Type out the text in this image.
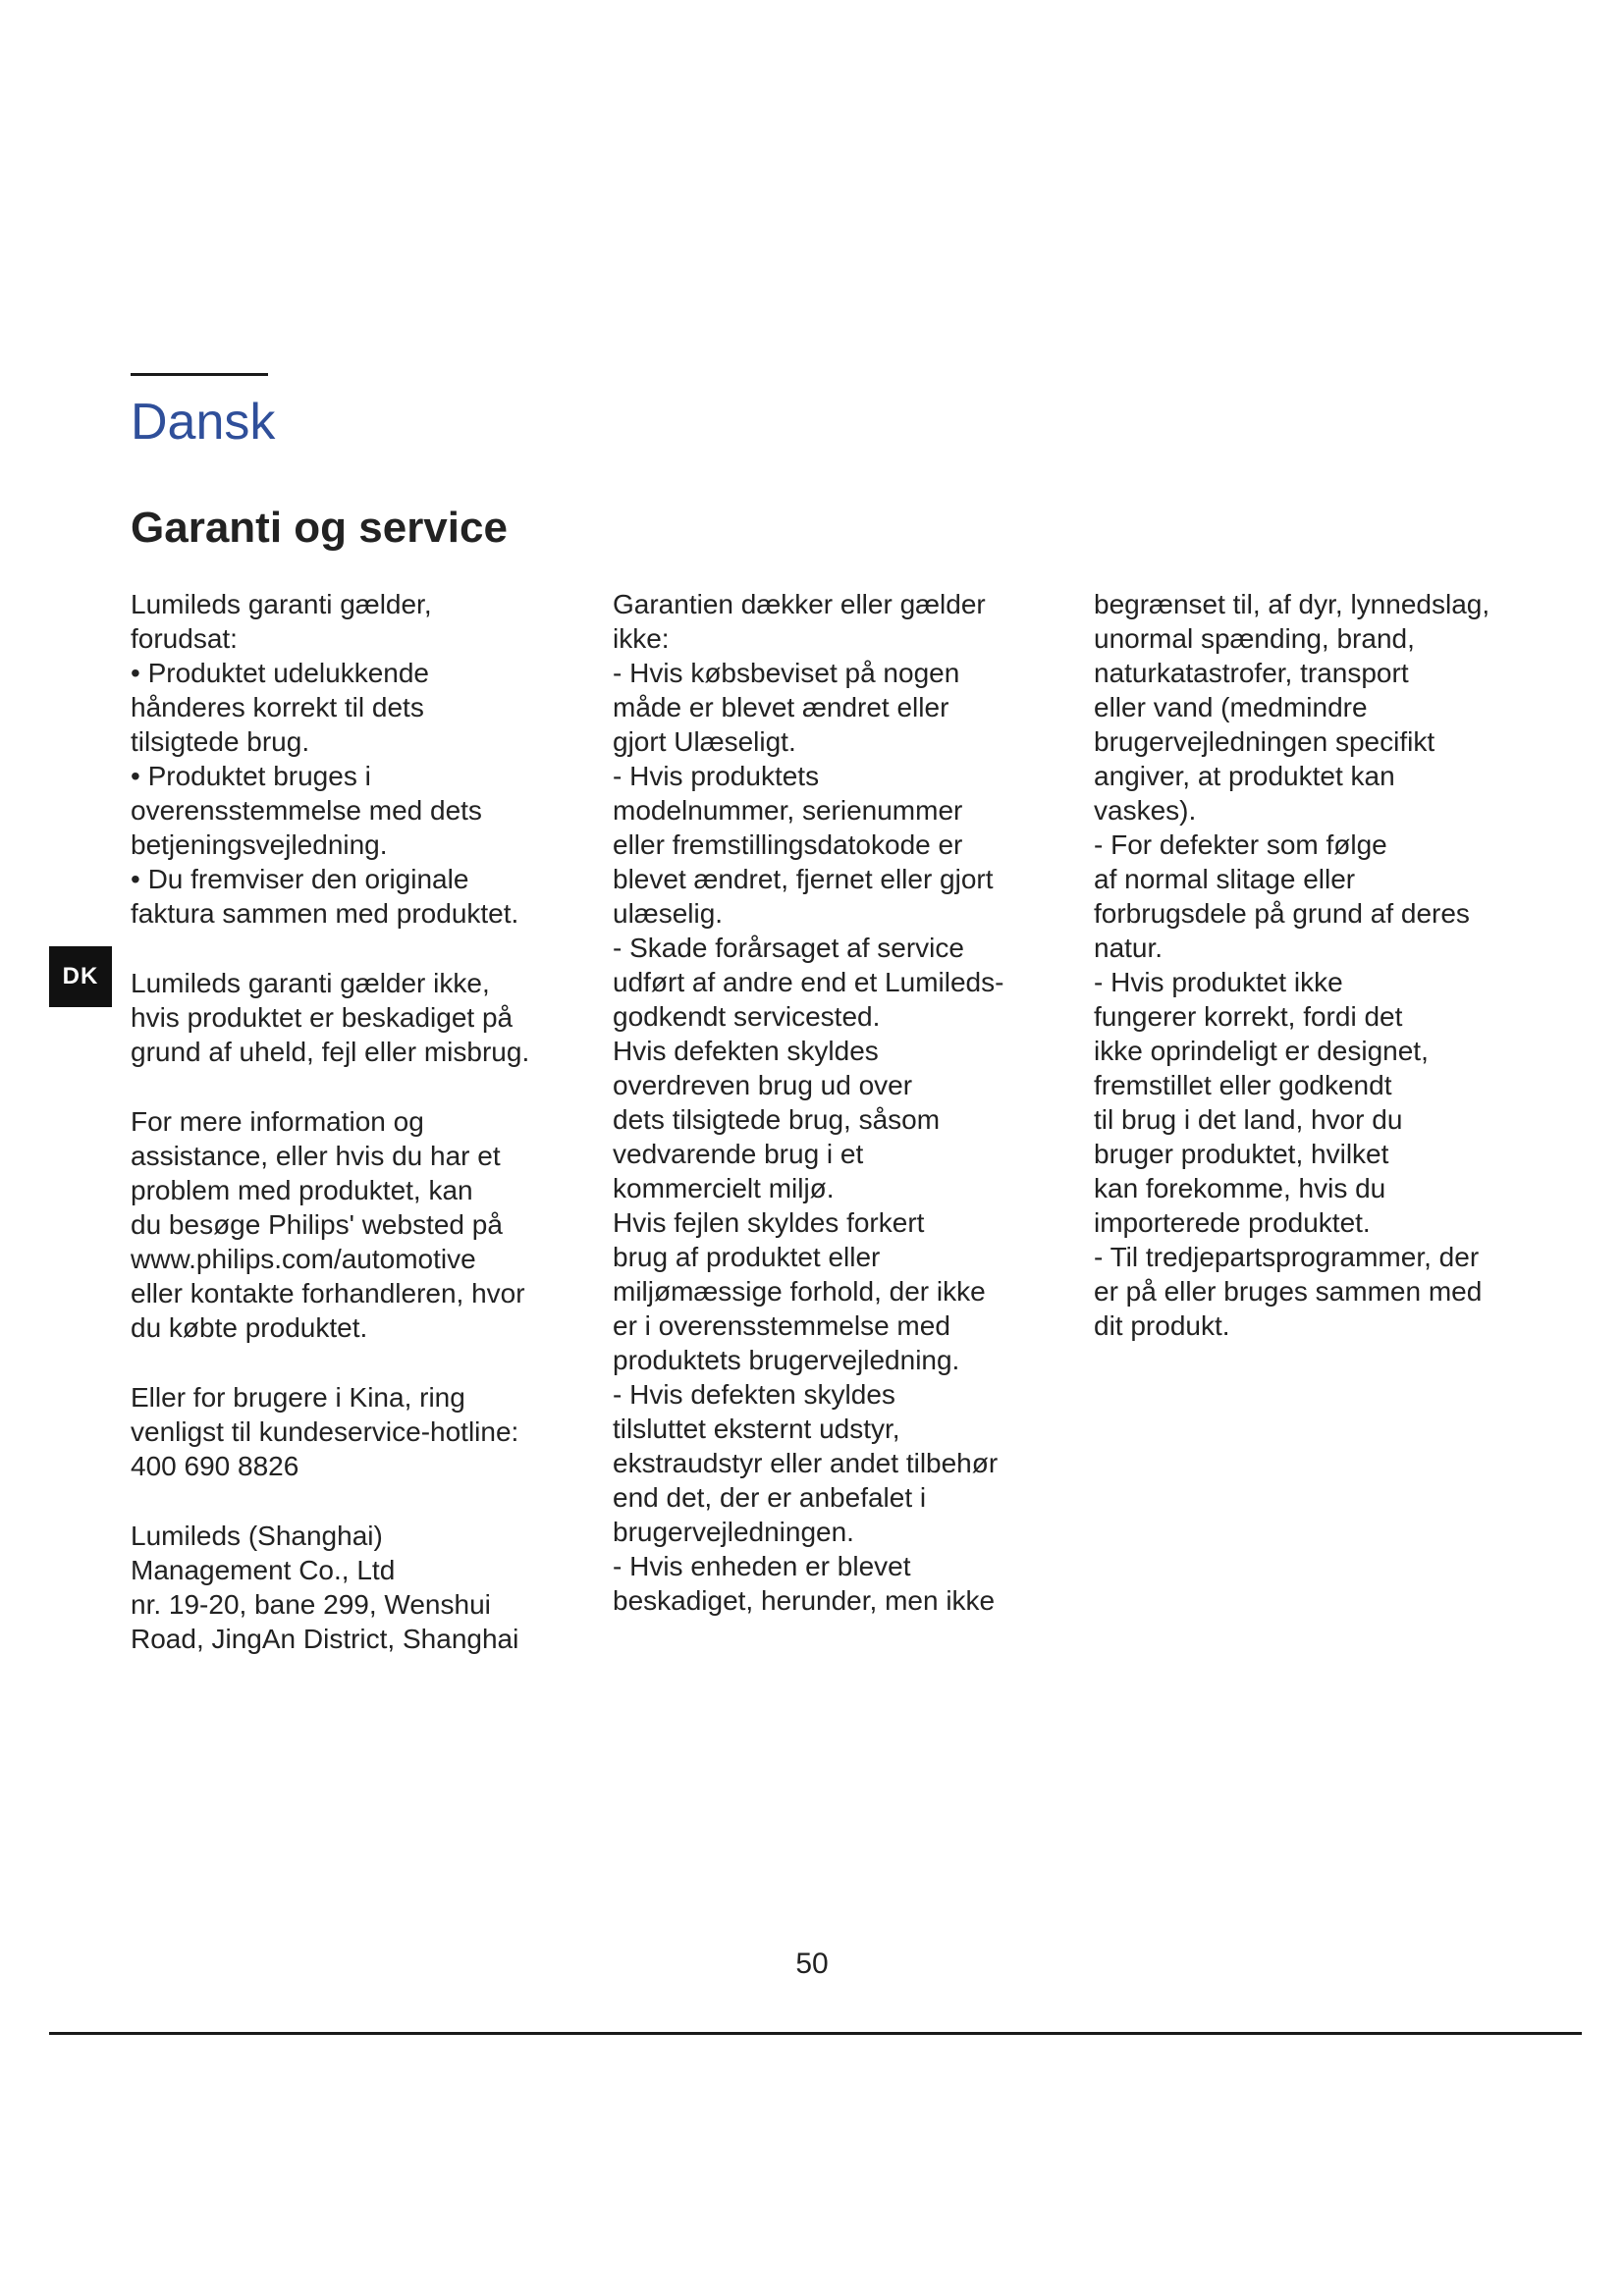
Dansk
Garanti og service
DK

Lumileds garanti gælder,
forudsat:
• Produktet udelukkende
hånderes korrekt til dets
tilsigtede brug.
• Produktet bruges i
overensstemmelse med dets
betjeningsvejledning.
• Du fremviser den originale
faktura sammen med produktet.

Lumileds garanti gælder ikke,
hvis produktet er beskadiget på
grund af uheld, fejl eller misbrug.

For mere information og
assistance, eller hvis du har et
problem med produktet, kan
du besøge Philips' websted på
www.philips.com/automotive
eller kontakte forhandleren, hvor
du købte produktet.

Eller for brugere i Kina, ring
venligst til kundeservice-hotline:
400 690 8826

Lumileds (Shanghai)
Management Co., Ltd
nr. 19-20, bane 299, Wenshui
Road, JingAn District, Shanghai

Garantien dækker eller gælder
ikke:
- Hvis købsbeviset på nogen
måde er blevet ændret eller
gjort Ulæseligt.
- Hvis produktets
modelnummer, serienummer
eller fremstillingsdatokode er
blevet ændret, fjernet eller gjort
ulæselig.
- Skade forårsaget af service
udført af andre end et Lumileds-
godkendt servicested.
Hvis defekten skyldes
overdreven brug ud over
dets tilsigtede brug, såsom
vedvarende brug i et
kommercielt miljø.
Hvis fejlen skyldes forkert
brug af produktet eller
miljømæssige forhold, der ikke
er i overensstemmelse med
produktets brugervejledning.
- Hvis defekten skyldes
tilsluttet eksternt udstyr,
ekstraudstyr eller andet tilbehør
end det, der er anbefalet i
brugervejledningen.
- Hvis enheden er blevet
beskadiget, herunder, men ikke

begrænset til, af dyr, lynnedslag,
unormal spænding, brand,
naturkatastrofer, transport
eller vand (medmindre
brugervejledningen specifikt
angiver, at produktet kan
vaskes).
- For defekter som følge
af normal slitage eller
forbrugsdele på grund af deres
natur.
- Hvis produktet ikke
fungerer korrekt, fordi det
ikke oprindeligt er designet,
fremstillet eller godkendt
til brug i det land, hvor du
bruger produktet, hvilket
kan forekomme, hvis du
importerede produktet.
- Til tredjepartsprogrammer, der
er på eller bruges sammen med
dit produkt.

50
